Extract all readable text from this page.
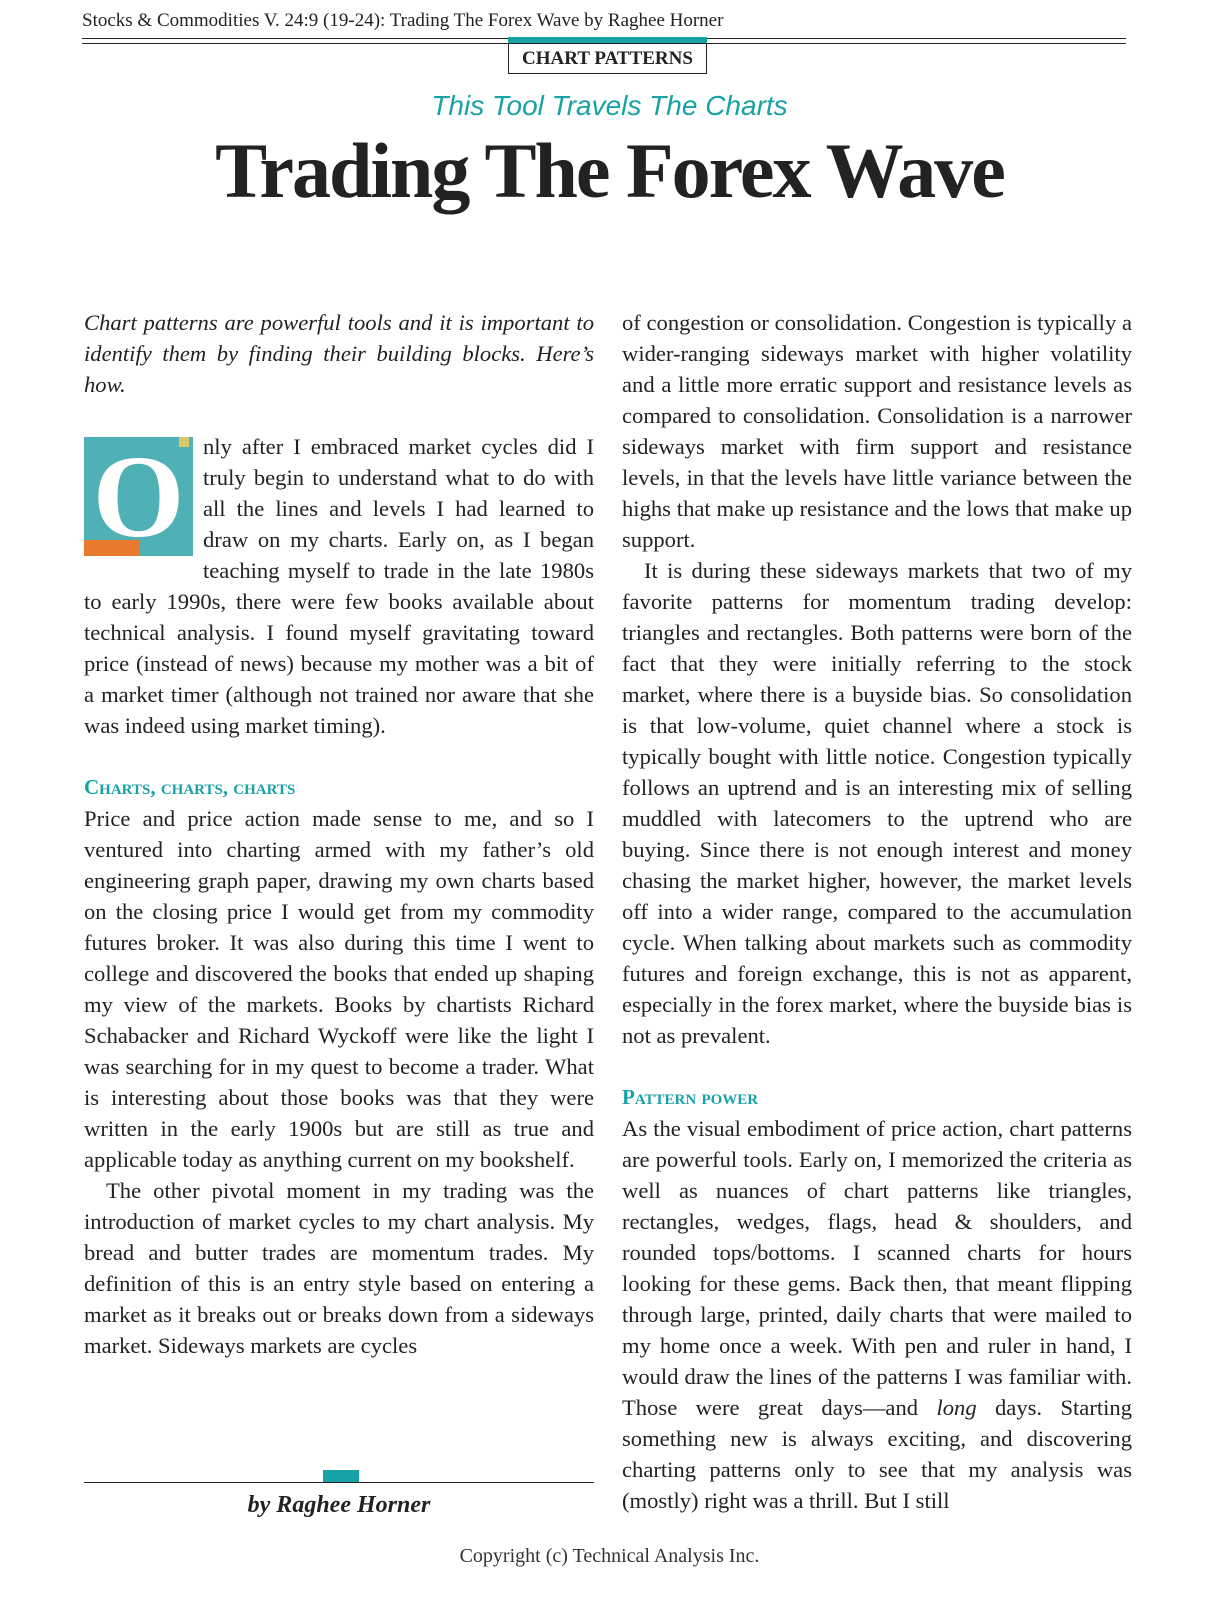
Stocks & Commodities V. 24:9 (19-24): Trading The Forex Wave by Raghee Horner
CHART PATTERNS
This Tool Travels The Charts
Trading The Forex Wave

Chart patterns are powerful tools and it is important to identify them by finding their building blocks. Here’s how.

O nly after I embraced market cycles did I truly begin to understand what to do with all the lines and levels I had learned to draw on my charts. Early on, as I began teaching myself to trade in the late 1980s to early 1990s, there were few books available about technical analysis. I found myself gravitating toward price (instead of news) because my mother was a bit of a market timer (although not trained nor aware that she was indeed using market timing).

Charts, charts, charts

Price and price action made sense to me, and so I ventured into charting armed with my father’s old engineering graph paper, drawing my own charts based on the closing price I would get from my commodity futures broker. It was also during this time I went to college and discovered the books that ended up shaping my view of the markets. Books by chartists Richard Schabacker and Richard Wyckoff were like the light I was searching for in my quest to become a trader. What is interesting about those books was that they were written in the early 1900s but are still as true and applicable today as anything current on my bookshelf.

The other pivotal moment in my trading was the introduction of market cycles to my chart analysis. My bread and butter trades are momentum trades. My definition of this is an entry style based on entering a market as it breaks out or breaks down from a sideways market. Sideways markets are cycles

of congestion or consolidation. Congestion is typically a wider-ranging sideways market with higher volatility and a little more erratic support and resistance levels as compared to consolidation. Consolidation is a narrower sideways market with firm support and resistance levels, in that the levels have little variance between the highs that make up resistance and the lows that make up support.

It is during these sideways markets that two of my favorite patterns for momentum trading develop: triangles and rectangles. Both patterns were born of the fact that they were initially referring to the stock market, where there is a buyside bias. So consolidation is that low-volume, quiet channel where a stock is typically bought with little notice. Congestion typically follows an uptrend and is an interesting mix of selling muddled with latecomers to the uptrend who are buying. Since there is not enough interest and money chasing the market higher, however, the market levels off into a wider range, compared to the accumulation cycle. When talking about markets such as commodity futures and foreign exchange, this is not as apparent, especially in the forex market, where the buyside bias is not as prevalent.

Pattern power

As the visual embodiment of price action, chart patterns are powerful tools. Early on, I memorized the criteria as well as nuances of chart patterns like triangles, rectangles, wedges, flags, head & shoulders, and rounded tops/bottoms. I scanned charts for hours looking for these gems. Back then, that meant flipping through large, printed, daily charts that were mailed to my home once a week. With pen and ruler in hand, I would draw the lines of the patterns I was familiar with. Those were great days—and long days. Starting something new is always exciting, and discovering charting patterns only to see that my analysis was (mostly) right was a thrill. But I still

by Raghee Horner
Copyright (c) Technical Analysis Inc.
